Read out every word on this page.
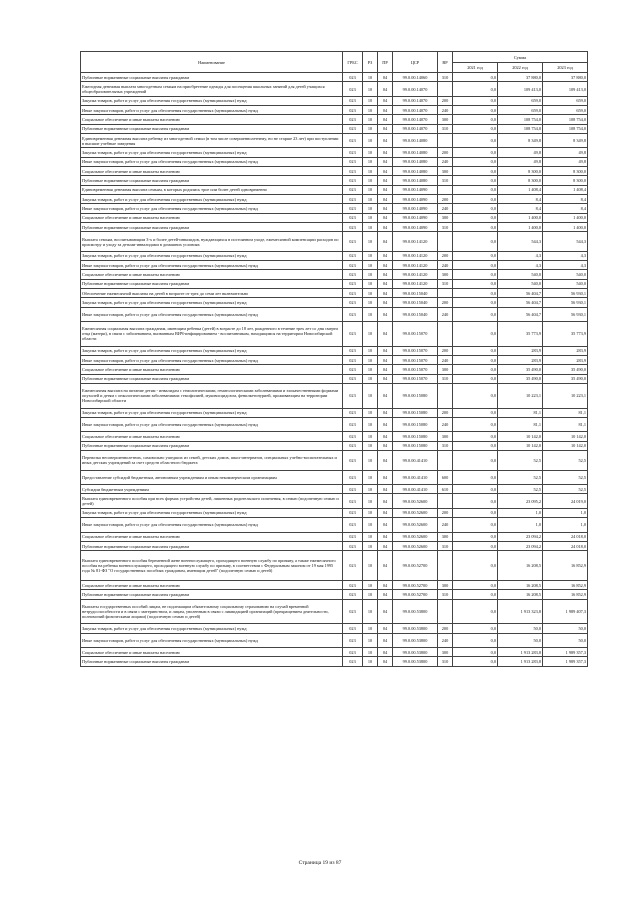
Наименование	ГРБС	РЗ	ПР	ЦСР	ВР	Сумма		
						2021 год	2022 год	2023 год
Публичные нормативные социальные выплаты гражданам	023	10	04	99.0.00.14060	310	0,0	37 880,0	37 880,0
Ежегодная денежная выплата многодетным семьям на приобретение одежды для посещения школьных занятий для детей учащихся общеобразовательных учреждений	023	10	04	99.0.00.14070		0,0	109 413,0	109 413,0
Закупка товаров, работ и услуг для обеспечения государственных (муниципальных) нужд	023	10	04	99.0.00.14070	200	0,0	659,0	659,0
Иные закупки товаров, работ и услуг для обеспечения государственных (муниципальных) нужд	023	10	04	99.0.00.14070	240	0,0	659,0	659,0
Социальное обеспечение и иные выплаты населению	023	10	04	99.0.00.14070	300	0,0	108 754,0	108 754,0
Публичные нормативные социальные выплаты гражданам	023	10	04	99.0.00.14070	310	0,0	108 754,0	108 754,0
Единовременная денежная выплата ребенку из многодетной семьи (в том числе совершеннолетнему, но не старше 23 лет) при поступлении в высшие учебные заведения	023	10	04	99.0.00.14080		0,0	8 349,8	8 349,8
Закупка товаров, работ и услуг для обеспечения государственных (муниципальных) нужд	023	10	04	99.0.00.14080	200	0,0	49,8	49,8
Иные закупки товаров, работ и услуг для обеспечения государственных (муниципальных) нужд	023	10	04	99.0.00.14080	240	0,0	49,8	49,8
Социальное обеспечение и иные выплаты населению	023	10	04	99.0.00.14080	300	0,0	8 300,0	8 300,0
Публичные нормативные социальные выплаты гражданам	023	10	04	99.0.00.14080	310	0,0	8 300,0	8 300,0
Единовременная денежная выплата семьям, в которых родились трое или более детей одновременно	023	10	04	99.0.00.14090		0,0	1 408,4	1 408,4
Закупка товаров, работ и услуг для обеспечения государственных (муниципальных) нужд	023	10	04	99.0.00.14090	200	0,0	8,4	8,4
Иные закупки товаров, работ и услуг для обеспечения государственных (муниципальных) нужд	023	10	04	99.0.00.14090	240	0,0	8,4	8,4
Социальное обеспечение и иные выплаты населению	023	10	04	99.0.00.14090	300	0,0	1 400,0	1 400,0
Публичные нормативные социальные выплаты гражданам	023	10	04	99.0.00.14090	310	0,0	1 400,0	1 400,0
Выплата семьям, воспитывающим 3-х и более детей-инвалидов, нуждающихся в постоянном уходе, ежемесячной компенсации расходов по присмотру и уходу за детьми-инвалидами в домашних условиях	023	10	04	99.0.00.14120		0,0	544,3	544,3
Закупка товаров, работ и услуг для обеспечения государственных (муниципальных) нужд	023	10	04	99.0.00.14120	200	0,0	4,3	4,3
Иные закупки товаров, работ и услуг для обеспечения государственных (муниципальных) нужд	023	10	04	99.0.00.14120	240	0,0	4,3	4,3
Социальное обеспечение и иные выплаты населению	023	10	04	99.0.00.14120	300	0,0	540,0	540,0
Публичные нормативные социальные выплаты гражданам	023	10	04	99.0.00.14120	310	0,0	540,0	540,0
Обеспечение ежемесячной выплаты на детей в возрасте от трех до семи лет включительно	023	10	04	99.0.00.15040		0,0	56 404,7	56 930,1
Закупка товаров, работ и услуг для обеспечения государственных (муниципальных) нужд	023	10	04	99.0.00.15040	200	0,0	56 404,7	56 930,1
Иные закупки товаров, работ и услуг для обеспечения государственных (муниципальных) нужд	023	10	04	99.0.00.15040	240	0,0	56 404,7	56 930,1
Ежемесячная социальная выплата гражданам, имеющим ребенка (детей) в возрасте до 18 лет, рожденного в течение трех лет со дня смерти отца (матери), в связи с заболеванием, вызванным ВИЧ-инфицированием - воспитанникам, находящимся на территории Новосибирской области	023	10	04	99.0.00.15070		0,0	35 773,9	35 773,9
Закупка товаров, работ и услуг для обеспечения государственных (муниципальных) нужд	023	10	04	99.0.00.15070	200	0,0	283,9	283,9
Иные закупки товаров, работ и услуг для обеспечения государственных (муниципальных) нужд	023	10	04	99.0.00.15070	240	0,0	283,9	283,9
Социальное обеспечение и иные выплаты населению	023	10	04	99.0.00.15070	300	0,0	35 490,0	35 490,0
Публичные нормативные социальные выплаты гражданам	023	10	04	99.0.00.15070	310	0,0	35 490,0	35 490,0
Ежемесячная выплата на питание детям - инвалидам с гемолитическими, гематологическими заболеваниями и злокачественными формами опухолей и детям с онкологическими заболеваниями: гемофилией, муковисцидозом, фенилкетонурией, проживающим на территории Новосибирской области	023	10	04	99.0.00.15080		0,0	10 223,1	10 223,1
Закупка товаров, работ и услуг для обеспечения государственных (муниципальных) нужд	023	10	04	99.0.00.15080	200	0,0	81,1	81,1
Иные закупки товаров, работ и услуг для обеспечения государственных (муниципальных) нужд	023	10	04	99.0.00.15080	240	0,0	81,1	81,1
Социальное обеспечение и иные выплаты населению	023	10	04	99.0.00.15080	300	0,0	10 142,0	10 142,0
Публичные нормативные социальные выплаты гражданам	023	10	04	99.0.00.15080	310	0,0	10 142,0	10 142,0
Перевозка несовершеннолетних, самовольно ушедших из семей, детских домов, школ-интернатов, специальных учебно-воспитательных и иных детских учреждений за счет средств областного бюджета	023	10	04	99.0.00.41410		0,0	52,5	52,5
Предоставление субсидий бюджетным, автономным учреждениям и иным некоммерческим организациям	023	10	04	99.0.00.41410	600	0,0	52,5	52,5
Субсидии бюджетным учреждениям	023	10	04	99.0.00.41410	610	0,0	52,5	52,5
Выплата единовременного пособия при всех формах устройства детей, лишенных родительского попечения, в семью (подопечную семью и детей)	023	10	04	99.0.00.52600		0,0	23 095,2	24 019,0
Закупка товаров, работ и услуг для обеспечения государственных (муниципальных) нужд	023	10	04	99.0.00.52600	200	0,0	1,0	1,0
Иные закупки товаров, работ и услуг для обеспечения государственных (муниципальных) нужд	023	10	04	99.0.00.52600	240	0,0	1,0	1,0
Социальное обеспечение и иные выплаты населению	023	10	04	99.0.00.52600	300	0,0	23 094,2	24 018,0
Публичные нормативные социальные выплаты гражданам	023	10	04	99.0.00.52600	310	0,0	23 094,2	24 018,0
Выплата единовременного пособия беременной жене военнослужащего, проходящего военную службу по призыву, а также ежемесячного пособия на ребенка военнослужащего, проходящего военную службу по призыву, в соответствии с Федеральным законом от 19 мая 1995 года № 81-ФЗ "О государственных пособиях гражданам, имеющим детей" (подопечную семью и детей)	023	10	04	99.0.00.52700		0,0	16 208,5	16 852,9
Социальное обеспечение и иные выплаты населению	023	10	04	99.0.00.52700	300	0,0	16 208,5	16 852,9
Публичные нормативные социальные выплаты гражданам	023	10	04	99.0.00.52700	310	0,0	16 208,5	16 852,9
Выплаты государственных пособий лицам, не подлежащим обязательному социальному страхованию на случай временной нетрудоспособности и в связи с материнством, и лицам, уволенным в связи с ликвидацией организаций (прекращением деятельности, полномочий физическими лицами) (подопечную семью и детей)	023	10	04	99.0.00.53800		0,0	1 913 323,8	1 989 407,3
Закупка товаров, работ и услуг для обеспечения государственных (муниципальных) нужд	023	10	04	99.0.00.53800	200	0,0	50,0	50,0
Иные закупки товаров, работ и услуг для обеспечения государственных (муниципальных) нужд	023	10	04	99.0.00.53800	240	0,0	50,0	50,0
Социальное обеспечение и иные выплаты населению	023	10	04	99.0.00.53800	300	0,0	1 913 283,8	1 989 357,3
Публичные нормативные социальные выплаты гражданам	023	10	04	99.0.00.53800	310	0,0	1 913 283,8	1 989 357,3
Страница 19 из 87
